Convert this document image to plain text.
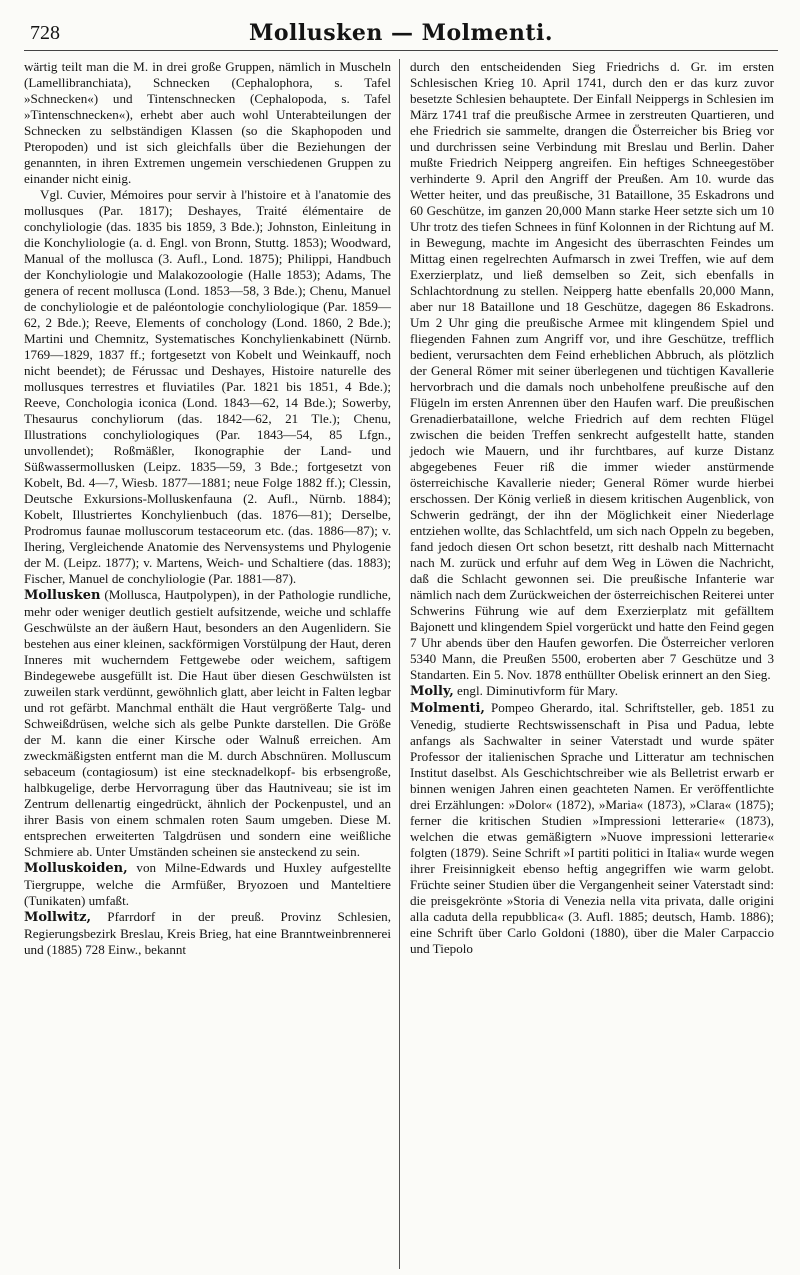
728	Mollusken — Molmenti.

wärtig teilt man die M. in drei große Gruppen, nämlich in Muscheln (Lamellibranchiata), Schnecken (Cephalophora, s. Tafel »Schnecken«) und Tintenschnecken (Cephalopoda, s. Tafel »Tintenschnecken«), erhebt aber auch wohl Unterabteilungen der Schnecken zu selbständigen Klassen (so die Skaphopoden und Pteropoden) und ist sich gleichfalls über die Beziehungen der genannten, in ihren Extremen ungemein verschiedenen Gruppen zu einander nicht einig.

Vgl. Cuvier, Mémoires pour servir à l'histoire et à l'anatomie des mollusques (Par. 1817); Deshayes, Traité élémentaire de conchyliologie (das. 1835 bis 1859, 3 Bde.); Johnston, Einleitung in die Konchyliologie (a. d. Engl. von Bronn, Stuttg. 1853); Woodward, Manual of the mollusca (3. Aufl., Lond. 1875); Philippi, Handbuch der Konchyliologie und Malakozoologie (Halle 1853); Adams, The genera of recent mollusca (Lond. 1853—58, 3 Bde.); Chenu, Manuel de conchyliologie et de paléontologie conchyliologique (Par. 1859—62, 2 Bde.); Reeve, Elements of conchology (Lond. 1860, 2 Bde.); Martini und Chemnitz, Systematisches Konchylienkabinett (Nürnb. 1769—1829, 1837 ff.; fortgesetzt von Kobelt und Weinkauff, noch nicht beendet); de Férussac und Deshayes, Histoire naturelle des mollusques terrestres et fluviatiles (Par. 1821 bis 1851, 4 Bde.); Reeve, Conchologia iconica (Lond. 1843—62, 14 Bde.); Sowerby, Thesaurus conchyliorum (das. 1842—62, 21 Tle.); Chenu, Illustrations conchyliologiques (Par. 1843—54, 85 Lfgn., unvollendet); Roßmäßler, Ikonographie der Land- und Süßwassermollusken (Leipz. 1835—59, 3 Bde.; fortgesetzt von Kobelt, Bd. 4—7, Wiesb. 1877—1881; neue Folge 1882 ff.); Clessin, Deutsche Exkursions-Molluskenfauna (2. Aufl., Nürnb. 1884); Kobelt, Illustriertes Konchylienbuch (das. 1876—81); Derselbe, Prodromus faunae molluscorum testaceorum etc. (das. 1886—87); v. Ihering, Vergleichende Anatomie des Nervensystems und Phylogenie der M. (Leipz. 1877); v. Martens, Weich- und Schaltiere (das. 1883); Fischer, Manuel de conchyliologie (Par. 1881—87).

Mollusken (Mollusca, Hautpolypen), in der Pathologie rundliche, mehr oder weniger deutlich gestielt aufsitzende, weiche und schlaffe Geschwülste an der äußern Haut, besonders an den Augenlidern. Sie bestehen aus einer kleinen, sackförmigen Vorstülpung der Haut, deren Inneres mit wucherndem Fettgewebe oder weichem, saftigem Bindegewebe ausgefüllt ist. Die Haut über diesen Geschwülsten ist zuweilen stark verdünnt, gewöhnlich glatt, aber leicht in Falten legbar und rot gefärbt. Manchmal enthält die Haut vergrößerte Talg- und Schweißdrüsen, welche sich als gelbe Punkte darstellen. Die Größe der M. kann die einer Kirsche oder Walnuß erreichen. Am zweckmäßigsten entfernt man die M. durch Abschnüren. Molluscum sebaceum (contagiosum) ist eine stecknadelkopf- bis erbsengroße, halbkugelige, derbe Hervorragung über das Hautniveau; sie ist im Zentrum dellenartig eingedrückt, ähnlich der Pockenpustel, und an ihrer Basis von einem schmalen roten Saum umgeben. Diese M. entsprechen erweiterten Talgdrüsen und sondern eine weißliche Schmiere ab. Unter Umständen scheinen sie ansteckend zu sein.

Molluskoiden, von Milne-Edwards und Huxley aufgestellte Tiergruppe, welche die Armfüßer, Bryozoen und Manteltiere (Tunikaten) umfaßt.

Mollwitz, Pfarrdorf in der preuß. Provinz Schlesien, Regierungsbezirk Breslau, Kreis Brieg, hat eine Branntweinbrennerei und (1885) 728 Einw., bekannt

durch den entscheidenden Sieg Friedrichs d. Gr. im ersten Schlesischen Krieg 10. April 1741, durch den er das kurz zuvor besetzte Schlesien behauptete. Der Einfall Neippergs in Schlesien im März 1741 traf die preußische Armee in zerstreuten Quartieren, und ehe Friedrich sie sammelte, drangen die Österreicher bis Brieg vor und durchrissen seine Verbindung mit Breslau und Berlin. Daher mußte Friedrich Neipperg angreifen. Ein heftiges Schneegestöber verhinderte 9. April den Angriff der Preußen. Am 10. wurde das Wetter heiter, und das preußische, 31 Bataillone, 35 Eskadrons und 60 Geschütze, im ganzen 20,000 Mann starke Heer setzte sich um 10 Uhr trotz des tiefen Schnees in fünf Kolonnen in der Richtung auf M. in Bewegung, machte im Angesicht des überraschten Feindes um Mittag einen regelrechten Aufmarsch in zwei Treffen, wie auf dem Exerzierplatz, und ließ demselben so Zeit, sich ebenfalls in Schlachtordnung zu stellen. Neipperg hatte ebenfalls 20,000 Mann, aber nur 18 Bataillone und 18 Geschütze, dagegen 86 Eskadrons. Um 2 Uhr ging die preußische Armee mit klingendem Spiel und fliegenden Fahnen zum Angriff vor, und ihre Geschütze, trefflich bedient, verursachten dem Feind erheblichen Abbruch, als plötzlich der General Römer mit seiner überlegenen und tüchtigen Kavallerie hervorbrach und die damals noch unbeholfene preußische auf den Flügeln im ersten Anrennen über den Haufen warf. Die preußischen Grenadierbataillone, welche Friedrich auf dem rechten Flügel zwischen die beiden Treffen senkrecht aufgestellt hatte, standen jedoch wie Mauern, und ihr furchtbares, auf kurze Distanz abgegebenes Feuer riß die immer wieder anstürmende österreichische Kavallerie nieder; General Römer wurde hierbei erschossen. Der König verließ in diesem kritischen Augenblick, von Schwerin gedrängt, der ihn der Möglichkeit einer Niederlage entziehen wollte, das Schlachtfeld, um sich nach Oppeln zu begeben, fand jedoch diesen Ort schon besetzt, ritt deshalb nach Mitternacht nach M. zurück und erfuhr auf dem Weg in Löwen die Nachricht, daß die Schlacht gewonnen sei. Die preußische Infanterie war nämlich nach dem Zurückweichen der österreichischen Reiterei unter Schwerins Führung wie auf dem Exerzierplatz mit gefälltem Bajonett und klingendem Spiel vorgerückt und hatte den Feind gegen 7 Uhr abends über den Haufen geworfen. Die Österreicher verloren 5340 Mann, die Preußen 5500, eroberten aber 7 Geschütze und 3 Standarten. Ein 5. Nov. 1878 enthüllter Obelisk erinnert an den Sieg.

Molly, engl. Diminutivform für Mary.

Molmenti, Pompeo Gherardo, ital. Schriftsteller, geb. 1851 zu Venedig, studierte Rechtswissenschaft in Pisa und Padua, lebte anfangs als Sachwalter in seiner Vaterstadt und wurde später Professor der italienischen Sprache und Litteratur am technischen Institut daselbst. Als Geschichtschreiber wie als Belletrist erwarb er binnen wenigen Jahren einen geachteten Namen. Er veröffentlichte drei Erzählungen: »Dolor« (1872), »Maria« (1873), »Clara« (1875); ferner die kritischen Studien »Impressioni letterarie« (1873), welchen die etwas gemäßigtern »Nuove impressioni letterarie« folgten (1879). Seine Schrift »I partiti politici in Italia« wurde wegen ihrer Freisinnigkeit ebenso heftig angegriffen wie warm gelobt. Früchte seiner Studien über die Vergangenheit seiner Vaterstadt sind: die preisgekrönte »Storia di Venezia nella vita privata, dalle origini alla caduta della repubblica« (3. Aufl. 1885; deutsch, Hamb. 1886); eine Schrift über Carlo Goldoni (1880), über die Maler Carpaccio und Tiepolo
